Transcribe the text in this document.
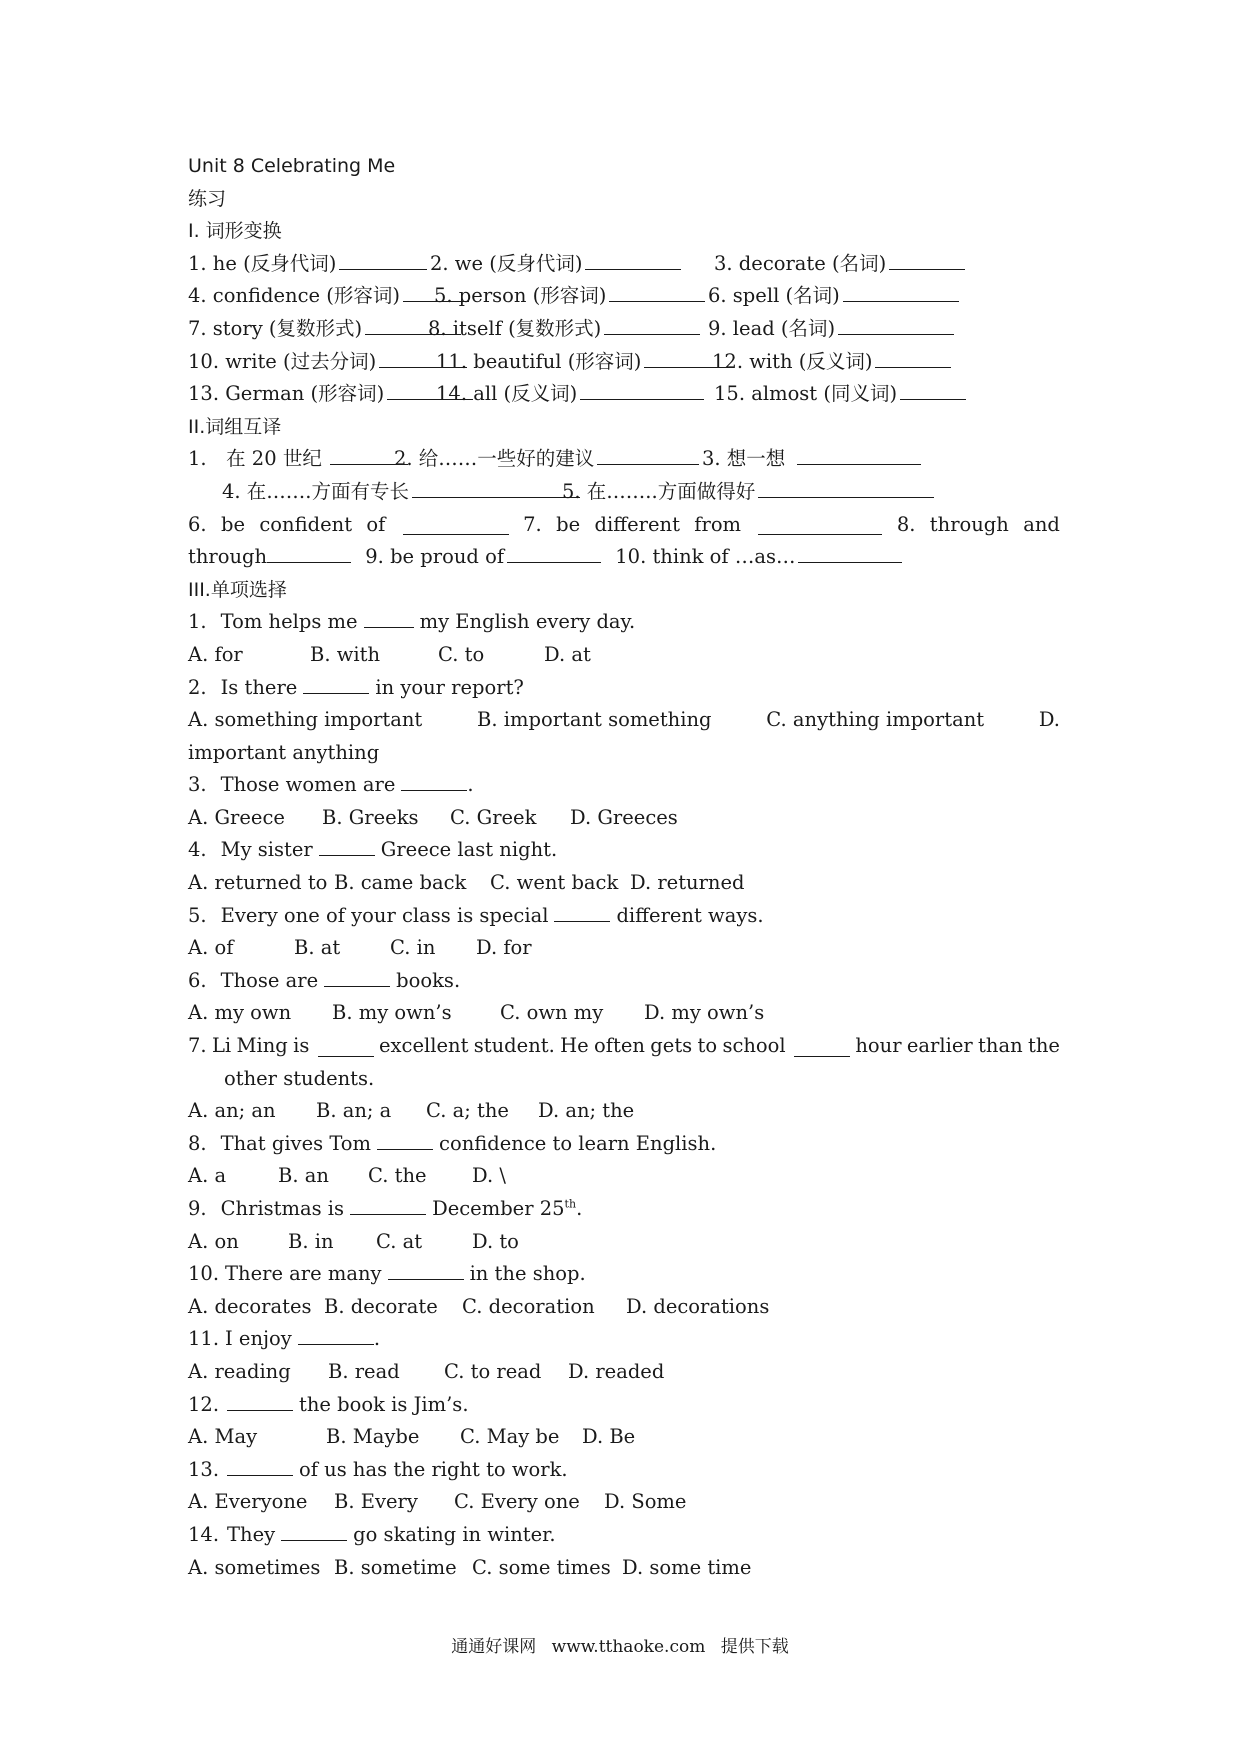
Unit 8 Celebrating Me
练习
I. 词形变换
1. he (反身代词)	2. we (反身代词)	3. decorate (名词)
4. confidence (形容词)	5. person (形容词)	6. spell (名词)
7. story (复数形式)	8. itself (复数形式)	9. lead (名词)
10. write (过去分词)	11. beautiful (形容词)	12. with (反义词)
13. German (形容词)	14. all (反义词)	15. almost (同义词)
II.词组互译
1.　在 20 世纪	2. 给……一些好的建议	3. 想一想
4. 在…….方面有专长	5. 在……..方面做得好
6. be confident of	7. be different from	8. through and
through	9. be proud of	10. think of …as…
III.单项选择
1. Tom helps me	my English every day.
A. for	B. with	C. to	D. at
2. Is there	in your report?
A. something important	B. important something	C. anything important	D.
important anything
3. Those women are	.
A. Greece B. Greeks C. Greek D. Greeces
4. My sister	Greece last night.
A. returned to B. came back C. went back D. returned
5. Every one of your class is special	different ways.
A. of	B. at	C. in D. for
6. Those are	books.
A. my own B. my own’s C. own my D. my own’s
7. Li Ming is	excellent student. He often gets to school	hour earlier than the
other students.
A. an; an B. an; a C. a; the D. an; the
8. That gives Tom	confidence to learn English.
A. a	B. an C. the D. \
9. Christmas is	December 25th.
A. on	B. in C. at	D. to
10. There are many	in the shop.
A. decorates B. decorate C. decoration D. decorations
11. I enjoy	.
A. reading B. read C. to read D. readed
12.	the book is Jim’s.
A. May	B. Maybe C. May be D. Be
13.	of us has the right to work.
A. Everyone B. Every C. Every one D. Some
14. They	go skating in winter.
A. sometimes B. sometime C. some times D. some time
通通好课网 www.tthaoke.com 提供下载
